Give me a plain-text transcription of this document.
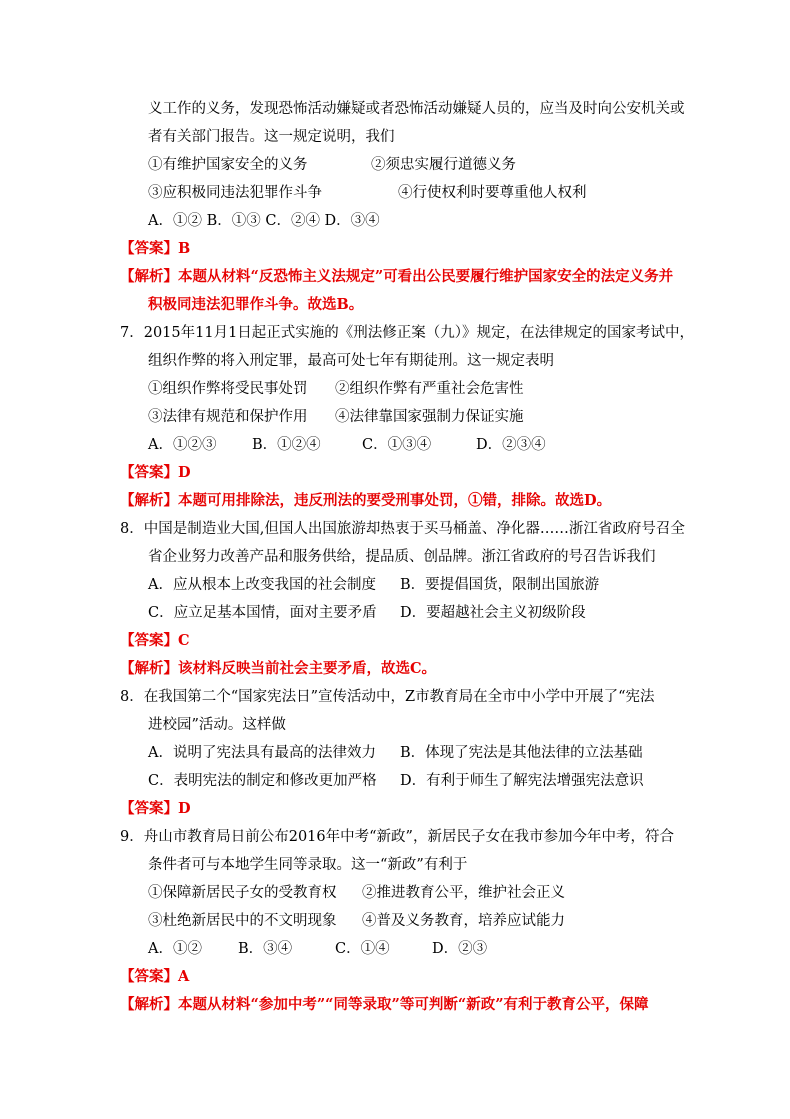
义工作的义务，发现恐怖活动嫌疑或者恐怖活动嫌疑人员的，应当及时向公安机关或
者有关部门报告。这一规定说明，我们
①有维护国家安全的义务	②须忠实履行道德义务
③应积极同违法犯罪作斗争	④行使权利时要尊重他人权利
A．①② B．①③ C．②④ D．③④
【答案】B
【解析】本题从材料“反恐怖主义法规定”可看出公民要履行维护国家安全的法定义务并
积极同违法犯罪作斗争。故选B。
7．2015年11月1日起正式实施的《刑法修正案（九）》规定，在法律规定的国家考试中，
组织作弊的将入刑定罪，最高可处七年有期徒刑。这一规定表明
①组织作弊将受民事处罚 ②组织作弊有严重社会危害性
③法律有规范和保护作用 ④法律靠国家强制力保证实施
A．①②③ B．①②④	C．①③④	D．②③④
【答案】D
【解析】本题可用排除法，违反刑法的要受刑事处罚，①错，排除。故选D。
8．中国是制造业大国,但国人出国旅游却热衷于买马桶盖、净化器……浙江省政府号召全
省企业努力改善产品和服务供给，提品质、创品牌。浙江省政府的号召告诉我们
A．应从根本上改变我国的社会制度 B．要提倡国货，限制出国旅游
C．应立足基本国情，面对主要矛盾 D．要超越社会主义初级阶段
【答案】C
【解析】该材料反映当前社会主要矛盾，故选C。
8．在我国第二个“国家宪法日”宣传活动中，Z市教育局在全市中小学中开展了“宪法
进校园”活动。这样做
A．说明了宪法具有最高的法律效力 B．体现了宪法是其他法律的立法基础
C．表明宪法的制定和修改更加严格 D．有利于师生了解宪法增强宪法意识
【答案】D
9．舟山市教育局日前公布2016年中考“新政”，新居民子女在我市参加今年中考，符合
条件者可与本地学生同等录取。这一“新政”有利于
①保障新居民子女的受教育权 ②推进教育公平，维护社会正义
③杜绝新居民中的不文明现象 ④普及义务教育，培养应试能力
A．①② B．③④	C．①④	D．②③
【答案】A
【解析】本题从材料“参加中考”“同等录取”等可判断“新政”有利于教育公平，保障
